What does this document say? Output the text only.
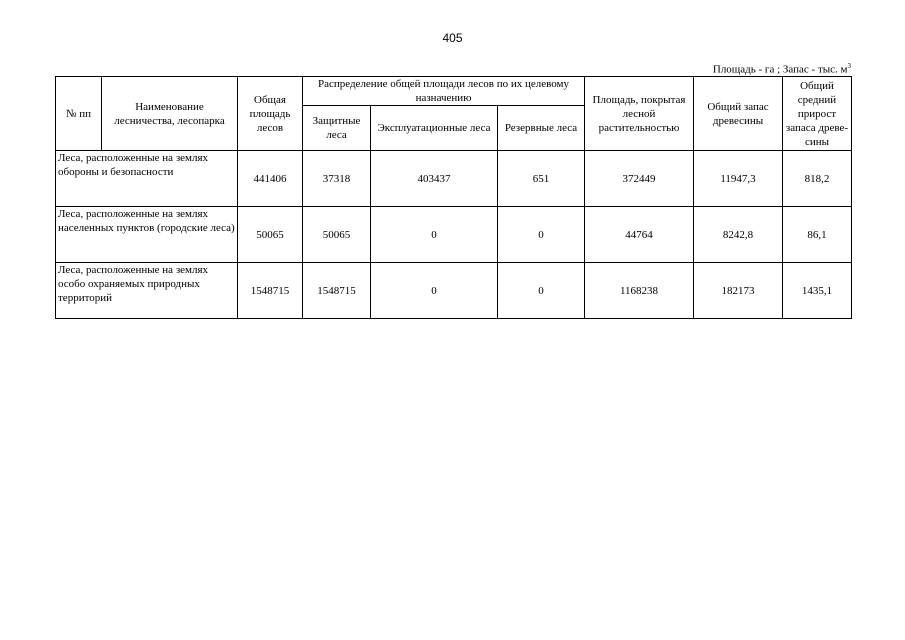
405
Площадь - га ; Запас - тыс. $м^3$
№ пп	Наименование лесничества, лесопарка	Общая площадь лесов	Распределение общей площади лесов по их целевому назначению			Площадь, покрытая лесной растительностью	Общий запас древесины	Общий средний прирост запаса древе-сины
			Защитные леса	Эксплуатационные леса	Резервные леса			
Леса, расположенные на землях обороны и безопасности		441406	37318	403437	651	372449	11947,3	818,2
Леса, расположенные на землях населенных пунктов (городские леса)		50065	50065	0	0	44764	8242,8	86,1
Леса, расположенные на землях особо охраняемых природных территорий		1548715	1548715	0	0	1168238	182173	1435,1
